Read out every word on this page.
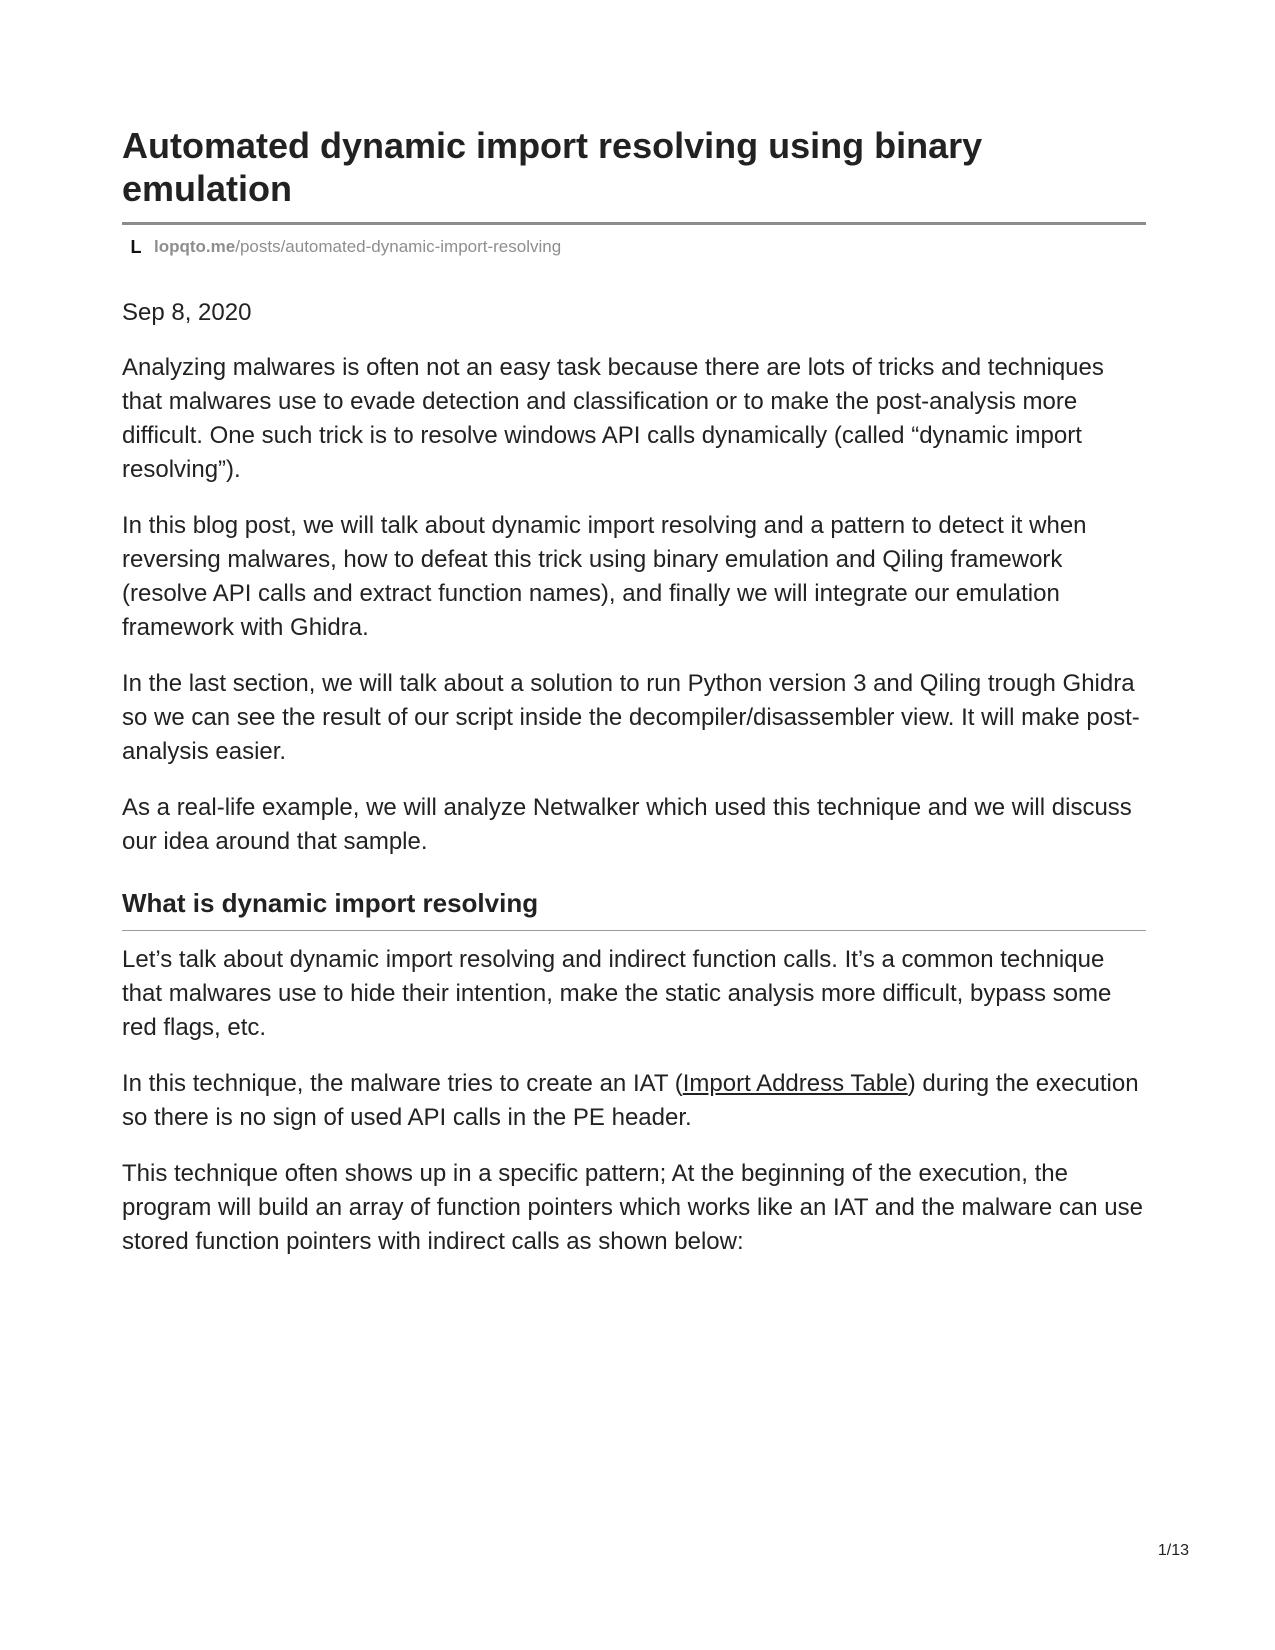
Automated dynamic import resolving using binary emulation
L lopqto.me /posts/automated-dynamic-import-resolving
Sep 8, 2020

Analyzing malwares is often not an easy task because there are lots of tricks and techniques that malwares use to evade detection and classification or to make the post-analysis more difficult. One such trick is to resolve windows API calls dynamically (called “dynamic import resolving”).

In this blog post, we will talk about dynamic import resolving and a pattern to detect it when reversing malwares, how to defeat this trick using binary emulation and Qiling framework (resolve API calls and extract function names), and finally we will integrate our emulation framework with Ghidra.

In the last section, we will talk about a solution to run Python version 3 and Qiling trough Ghidra so we can see the result of our script inside the decompiler/disassembler view. It will make post-analysis easier.

As a real-life example, we will analyze Netwalker which used this technique and we will discuss our idea around that sample.

What is dynamic import resolving

Let’s talk about dynamic import resolving and indirect function calls. It’s a common technique that malwares use to hide their intention, make the static analysis more difficult, bypass some red flags, etc.

In this technique, the malware tries to create an IAT (Import Address Table) during the execution so there is no sign of used API calls in the PE header.

This technique often shows up in a specific pattern; At the beginning of the execution, the program will build an array of function pointers which works like an IAT and the malware can use stored function pointers with indirect calls as shown below:

1/13
